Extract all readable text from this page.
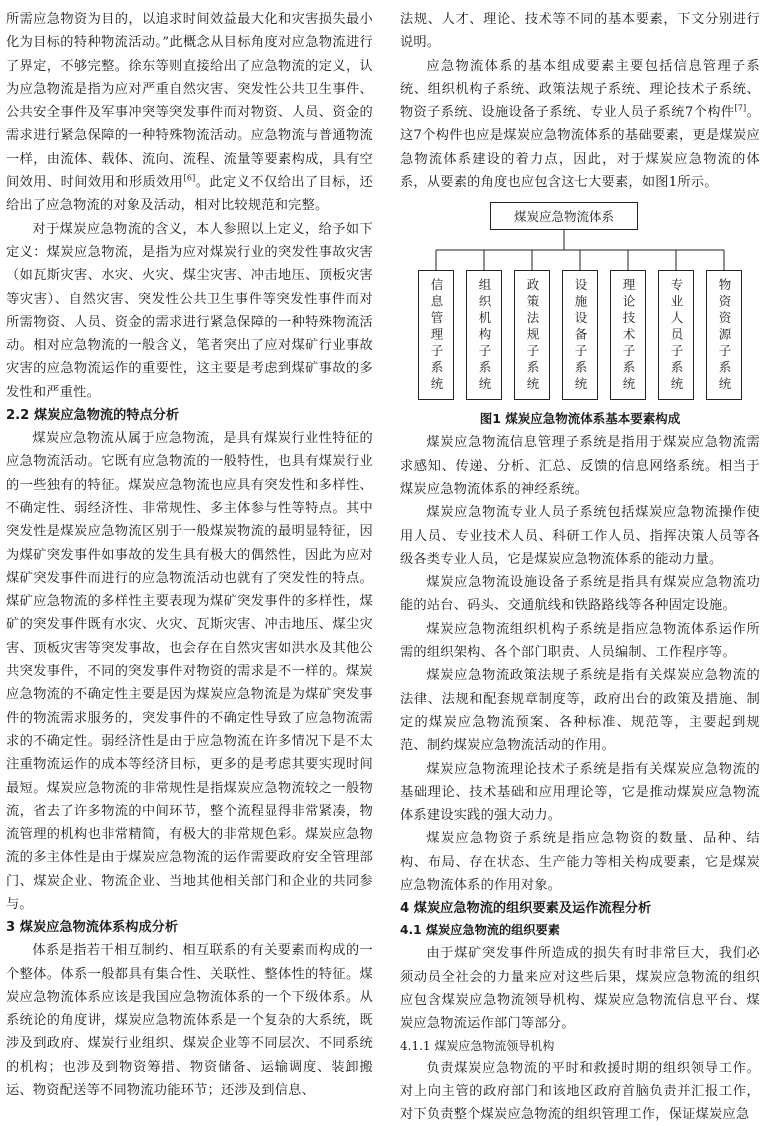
所需应急物资为目的，以追求时间效益最大化和灾害损失最小化为目标的特种物流活动。”此概念从目标角度对应急物流进行了界定，不够完整。徐东等则直接给出了应急物流的定义，认为应急物流是指为应对严重自然灾害、突发性公共卫生事件、公共安全事件及军事冲突等突发事件而对物资、人员、资金的需求进行紧急保障的一种特殊物流活动。应急物流与普通物流一样，由流体、载体、流向、流程、流量等要素构成，具有空间效用、时间效用和形质效用[6]。此定义不仅给出了目标，还给出了应急物流的对象及活动，相对比较规范和完整。

对于煤炭应急物流的含义，本人参照以上定义，给予如下定义：煤炭应急物流，是指为应对煤炭行业的突发性事故灾害（如瓦斯灾害、水灾、火灾、煤尘灾害、冲击地压、顶板灾害等灾害）、自然灾害、突发性公共卫生事件等突发性事件而对所需物资、人员、资金的需求进行紧急保障的一种特殊物流活动。相对应急物流的一般含义，笔者突出了应对煤矿行业事故灾害的应急物流运作的重要性，这主要是考虑到煤矿事故的多发性和严重性。

2.2 煤炭应急物流的特点分析

煤炭应急物流从属于应急物流，是具有煤炭行业性特征的应急物流活动。它既有应急物流的一般特性，也具有煤炭行业的一些独有的特征。煤炭应急物流也应具有突发性和多样性、不确定性、弱经济性、非常规性、多主体参与性等特点。其中突发性是煤炭应急物流区别于一般煤炭物流的最明显特征，因为煤矿突发事件如事故的发生具有极大的偶然性，因此为应对煤矿突发事件而进行的应急物流活动也就有了突发性的特点。煤矿应急物流的多样性主要表现为煤矿突发事件的多样性，煤矿的突发事件既有水灾、火灾、瓦斯灾害、冲击地压、煤尘灾害、顶板灾害等突发事故，也会存在自然灾害如洪水及其他公共突发事件，不同的突发事件对物资的需求是不一样的。煤炭应急物流的不确定性主要是因为煤炭应急物流是为煤矿突发事件的物流需求服务的，突发事件的不确定性导致了应急物流需求的不确定性。弱经济性是由于应急物流在许多情况下是不太注重物流运作的成本等经济目标，更多的是考虑其要实现时间最短。煤炭应急物流的非常规性是指煤炭应急物流较之一般物流，省去了许多物流的中间环节，整个流程显得非常紧凑，物流管理的机构也非常精简，有极大的非常规色彩。煤炭应急物流的多主体性是由于煤炭应急物流的运作需要政府安全管理部门、煤炭企业、物流企业、当地其他相关部门和企业的共同参与。

3 煤炭应急物流体系构成分析

体系是指若干相互制约、相互联系的有关要素而构成的一个整体。体系一般都具有集合性、关联性、整体性的特征。煤炭应急物流体系应该是我国应急物流体系的一个下级体系。从系统论的角度讲，煤炭应急物流体系是一个复杂的大系统，既涉及到政府、煤炭行业组织、煤炭企业等不同层次、不同系统的机构；也涉及到物资筹措、物资储备、运输调度、装卸搬运、物资配送等不同物流功能环节；还涉及到信息、

法规、人才、理论、技术等不同的基本要素，下文分别进行说明。

应急物流体系的基本组成要素主要包括信息管理子系统、组织机构子系统、政策法规子系统、理论技术子系统、物资子系统、设施设备子系统、专业人员子系统7个构件[7]。这7个构件也应是煤炭应急物流体系的基础要素，更是煤炭应急物流体系建设的着力点，因此，对于煤炭应急物流的体系，从要素的角度也应包含这七大要素，如图1所示。

煤炭应急物流体系
信息管理子系统	组织机构子系统	政策法规子系统	设施设备子系统	理论技术子系统	专业人员子系统	物资资源子系统
图1 煤炭应急物流体系基本要素构成

煤炭应急物流信息管理子系统是指用于煤炭应急物流需求感知、传递、分析、汇总、反馈的信息网络系统。相当于煤炭应急物流体系的神经系统。

煤炭应急物流专业人员子系统包括煤炭应急物流操作使用人员、专业技术人员、科研工作人员、指挥决策人员等各级各类专业人员，它是煤炭应急物流体系的能动力量。

煤炭应急物流设施设备子系统是指具有煤炭应急物流功能的站台、码头、交通航线和铁路路线等各种固定设施。

煤炭应急物流组织机构子系统是指应急物流体系运作所需的组织架构、各个部门职责、人员编制、工作程序等。

煤炭应急物流政策法规子系统是指有关煤炭应急物流的法律、法规和配套规章制度等，政府出台的政策及措施、制定的煤炭应急物流预案、各种标准、规范等，主要起到规范、制约煤炭应急物流活动的作用。

煤炭应急物流理论技术子系统是指有关煤炭应急物流的基础理论、技术基础和应用理论等，它是推动煤炭应急物流体系建设实践的强大动力。

煤炭应急物资子系统是指应急物资的数量、品种、结构、布局、存在状态、生产能力等相关构成要素，它是煤炭应急物流体系的作用对象。

4 煤炭应急物流的组织要素及运作流程分析
4.1 煤炭应急物流的组织要素

由于煤矿突发事件所造成的损失有时非常巨大，我们必须动员全社会的力量来应对这些后果，煤炭应急物流的组织应包含煤炭应急物流领导机构、煤炭应急物流信息平台、煤炭应急物流运作部门等部分。

4.1.1 煤炭应急物流领导机构

负责煤炭应急物流的平时和救援时期的组织领导工作。对上向主管的政府部门和该地区政府首脑负责并汇报工作，对下负责整个煤炭应急物流的组织管理工作，保证煤炭应急
